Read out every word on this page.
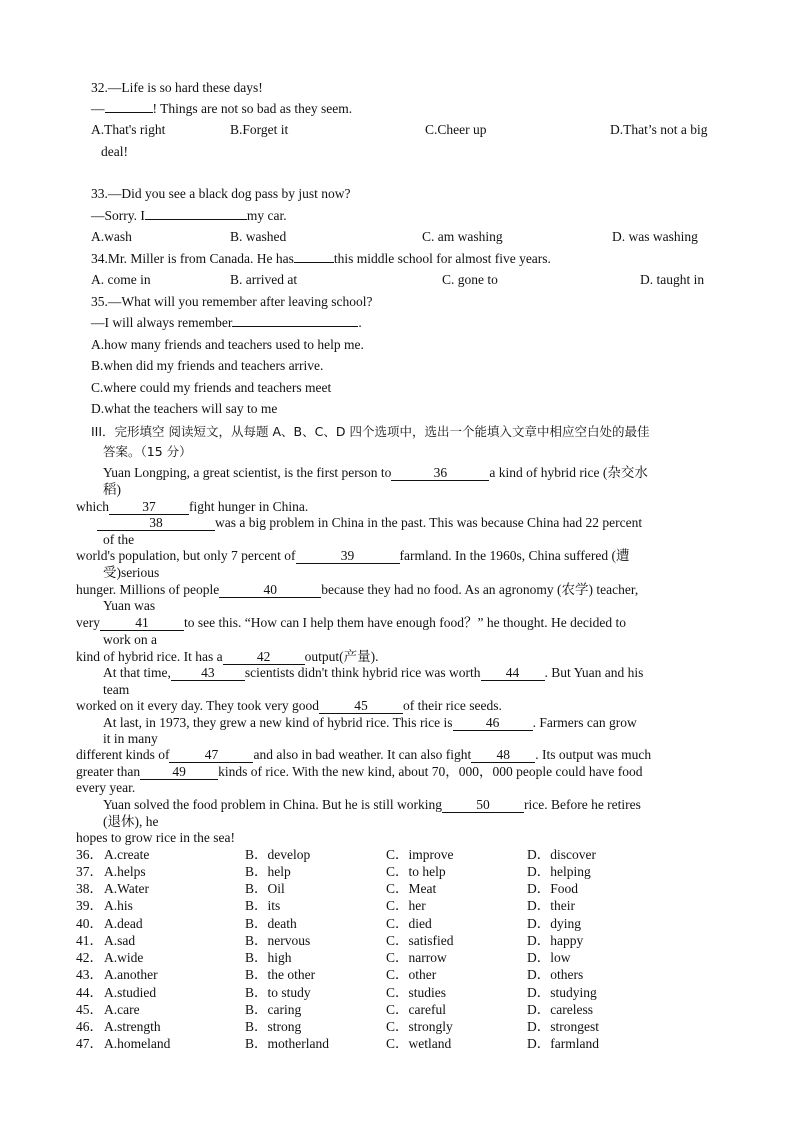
32.—Life is so hard these days!
—	! Things are not so bad as they seem.
A.That's right	B.Forget it	C.Cheer up	D.That’s not a big
deal!
33.—Did you see a black dog pass by just now?
—Sorry. I	my car.
A.wash	B. washed	C. am washing	D. was washing
34.Mr. Miller is from Canada. He has	this middle school for almost five years.
A. come in	B. arrived at	C. gone to	D. taught in
35.—What will you remember after leaving school?
—I will always remember	.
A.how many friends and teachers used to help me.
B.when did my friends and teachers arrive.
C.where could my friends and teachers meet
D.what the teachers will say to me
III．完形填空 阅读短文，从每题 A、B、C、D 四个选项中，选出一个能填入文章中相应空白处的最佳
答案。（15 分）
Yuan Longping, a great scientist, is the first person to	36	a kind of hybrid rice (杂交水
稻)
which 37 fight hunger in China.
38	was a big problem in China in the past. This was because China had 22 percent
of the
world's population, but only 7 percent of	39	farmland. In the 1960s, China suffered (遭
受)serious
hunger. Millions of people	40	because they had no food. As an agronomy (农学) teacher,
Yuan was
very	41	to see this. “How can I help them have enough food？” he thought. He decided to
work on a
kind of hybrid rice. It has a	42	output(产量).
At that time, 43 scientists didn't think hybrid rice was worth 44 . But Yuan and his
team
worked on it every day. They took very good	45	of their rice seeds.
At last, in 1973, they grew a new kind of hybrid rice. This rice is 46 . Farmers can grow
it in many
different kinds of	47	and also in bad weather. It can also fight 48 . Its output was much
greater than 49 kinds of rice. With the new kind, about 70，000，000 people could have food
every year.
Yuan solved the food problem in China. But he is still working	50	rice. Before he retires
(退休), he
hopes to grow rice in the sea!
36． A.create	B．develop	C．improve	D．discover
37． A.helps	B．help	C．to help	D．helping
38． A.Water	B．Oil	C．Meat	D．Food
39． A.his	B．its	C．her	D．their
40． A.dead	B．death	C．died	D．dying
41． A.sad	B．nervous	C．satisfied	D．happy
42． A.wide	B．high	C．narrow	D．low
43． A.another	B．the other	C．other	D．others
44． A.studied	B．to study	C．studies	D．studying
45． A.care	B．caring	C．careful	D．careless
46． A.strength	B．strong	C．strongly	D．strongest
47． A.homeland	B．motherland	C．wetland	D．farmland
